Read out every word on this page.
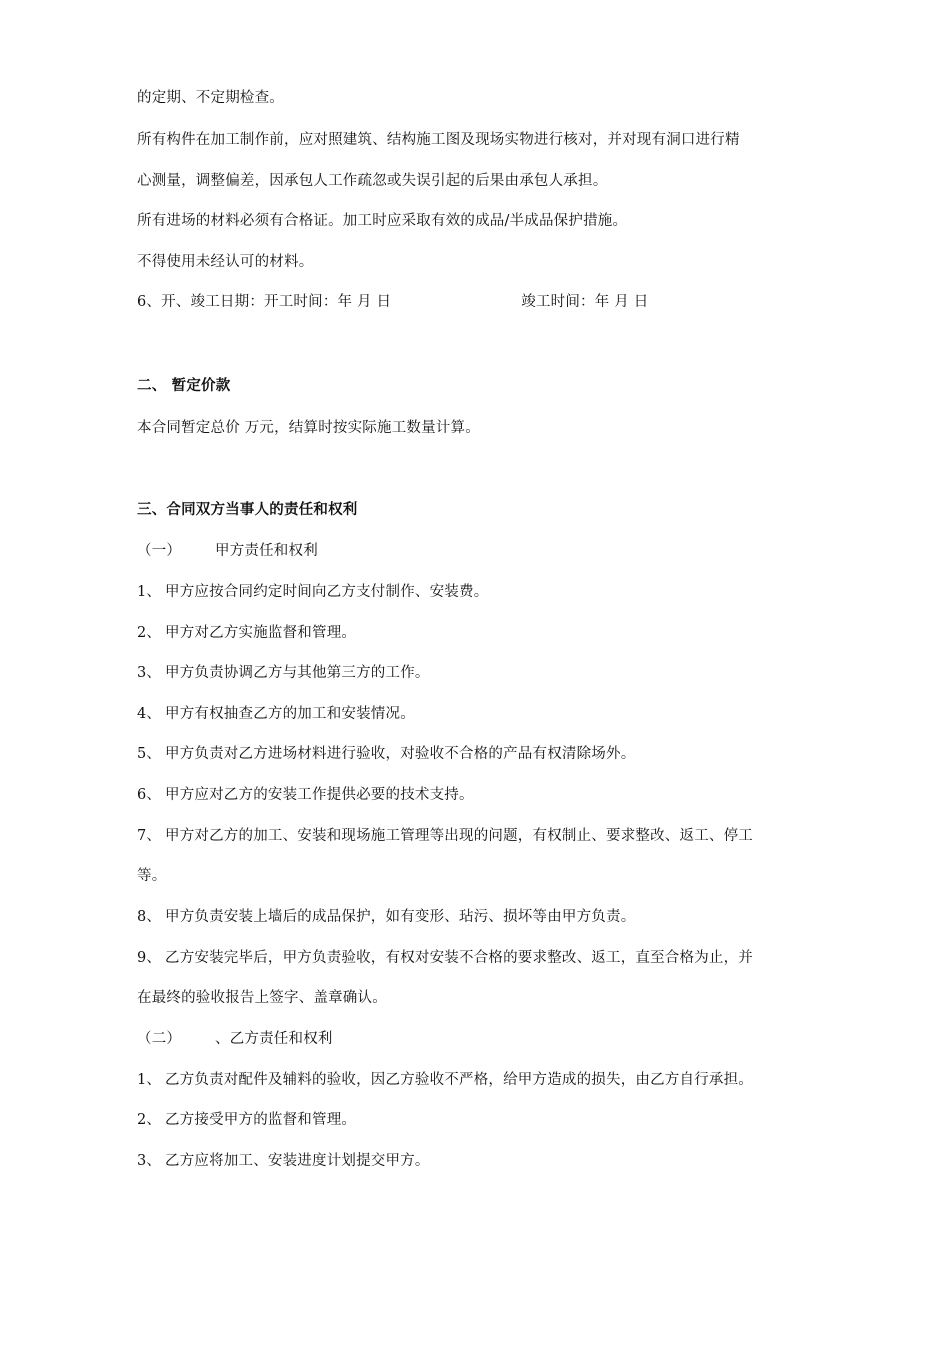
的定期、不定期检查。
所有构件在加工制作前，应对照建筑、结构施工图及现场实物进行核对，并对现有洞口进行精
心测量，调整偏差，因承包人工作疏忽或失误引起的后果由承包人承担。
所有进场的材料必须有合格证。加工时应采取有效的成品/半成品保护措施。
不得使用未经认可的材料。
6、开、竣工日期：开工时间：年 月 日	竣工时间：年 月 日
二、 暂定价款
本合同暂定总价 万元，结算时按实际施工数量计算。
三、合同双方当事人的责任和权利
（一） 甲方责任和权利
1、 甲方应按合同约定时间向乙方支付制作、安装费。
2、 甲方对乙方实施监督和管理。
3、 甲方负责协调乙方与其他第三方的工作。
4、 甲方有权抽查乙方的加工和安装情况。
5、 甲方负责对乙方进场材料进行验收，对验收不合格的产品有权清除场外。
6、 甲方应对乙方的安装工作提供必要的技术支持。
7、 甲方对乙方的加工、安装和现场施工管理等出现的问题，有权制止、要求整改、返工、停工
等。
8、 甲方负责安装上墙后的成品保护，如有变形、玷污、损坏等由甲方负责。
9、 乙方安装完毕后，甲方负责验收，有权对安装不合格的要求整改、返工，直至合格为止，并
在最终的验收报告上签字、盖章确认。
（二） 、乙方责任和权利
1、 乙方负责对配件及辅料的验收，因乙方验收不严格，给甲方造成的损失，由乙方自行承担。
2、 乙方接受甲方的监督和管理。
3、 乙方应将加工、安装进度计划提交甲方。
